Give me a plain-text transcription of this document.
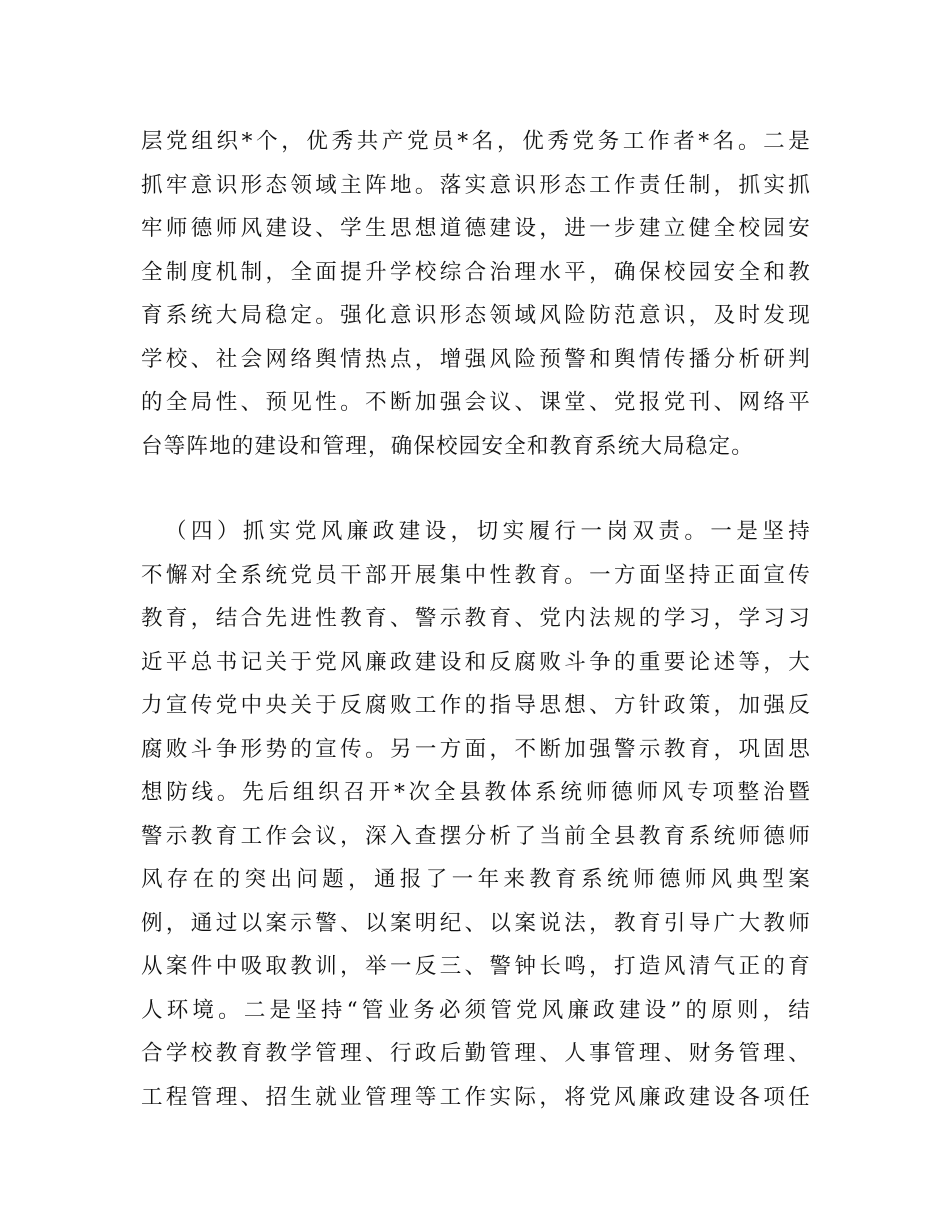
层党组织*个，优秀共产党员*名，优秀党务工作者*名。二是
抓牢意识形态领域主阵地。落实意识形态工作责任制，抓实抓
牢师德师风建设、学生思想道德建设，进一步建立健全校园安
全制度机制，全面提升学校综合治理水平，确保校园安全和教
育系统大局稳定。强化意识形态领域风险防范意识，及时发现
学校、社会网络舆情热点，增强风险预警和舆情传播分析研判
的全局性、预见性。不断加强会议、课堂、党报党刊、网络平
台等阵地的建设和管理，确保校园安全和教育系统大局稳定。
（四）抓实党风廉政建设，切实履行一岗双责。一是坚持
不懈对全系统党员干部开展集中性教育。一方面坚持正面宣传
教育，结合先进性教育、警示教育、党内法规的学习，学习习
近平总书记关于党风廉政建设和反腐败斗争的重要论述等，大
力宣传党中央关于反腐败工作的指导思想、方针政策，加强反
腐败斗争形势的宣传。另一方面，不断加强警示教育，巩固思
想防线。先后组织召开*次全县教体系统师德师风专项整治暨
警示教育工作会议，深入查摆分析了当前全县教育系统师德师
风存在的突出问题，通报了一年来教育系统师德师风典型案
例，通过以案示警、以案明纪、以案说法，教育引导广大教师
从案件中吸取教训，举一反三、警钟长鸣，打造风清气正的育
人环境。二是坚持“管业务必须管党风廉政建设”的原则，结
合学校教育教学管理、行政后勤管理、人事管理、财务管理、
工程管理、招生就业管理等工作实际，将党风廉政建设各项任
